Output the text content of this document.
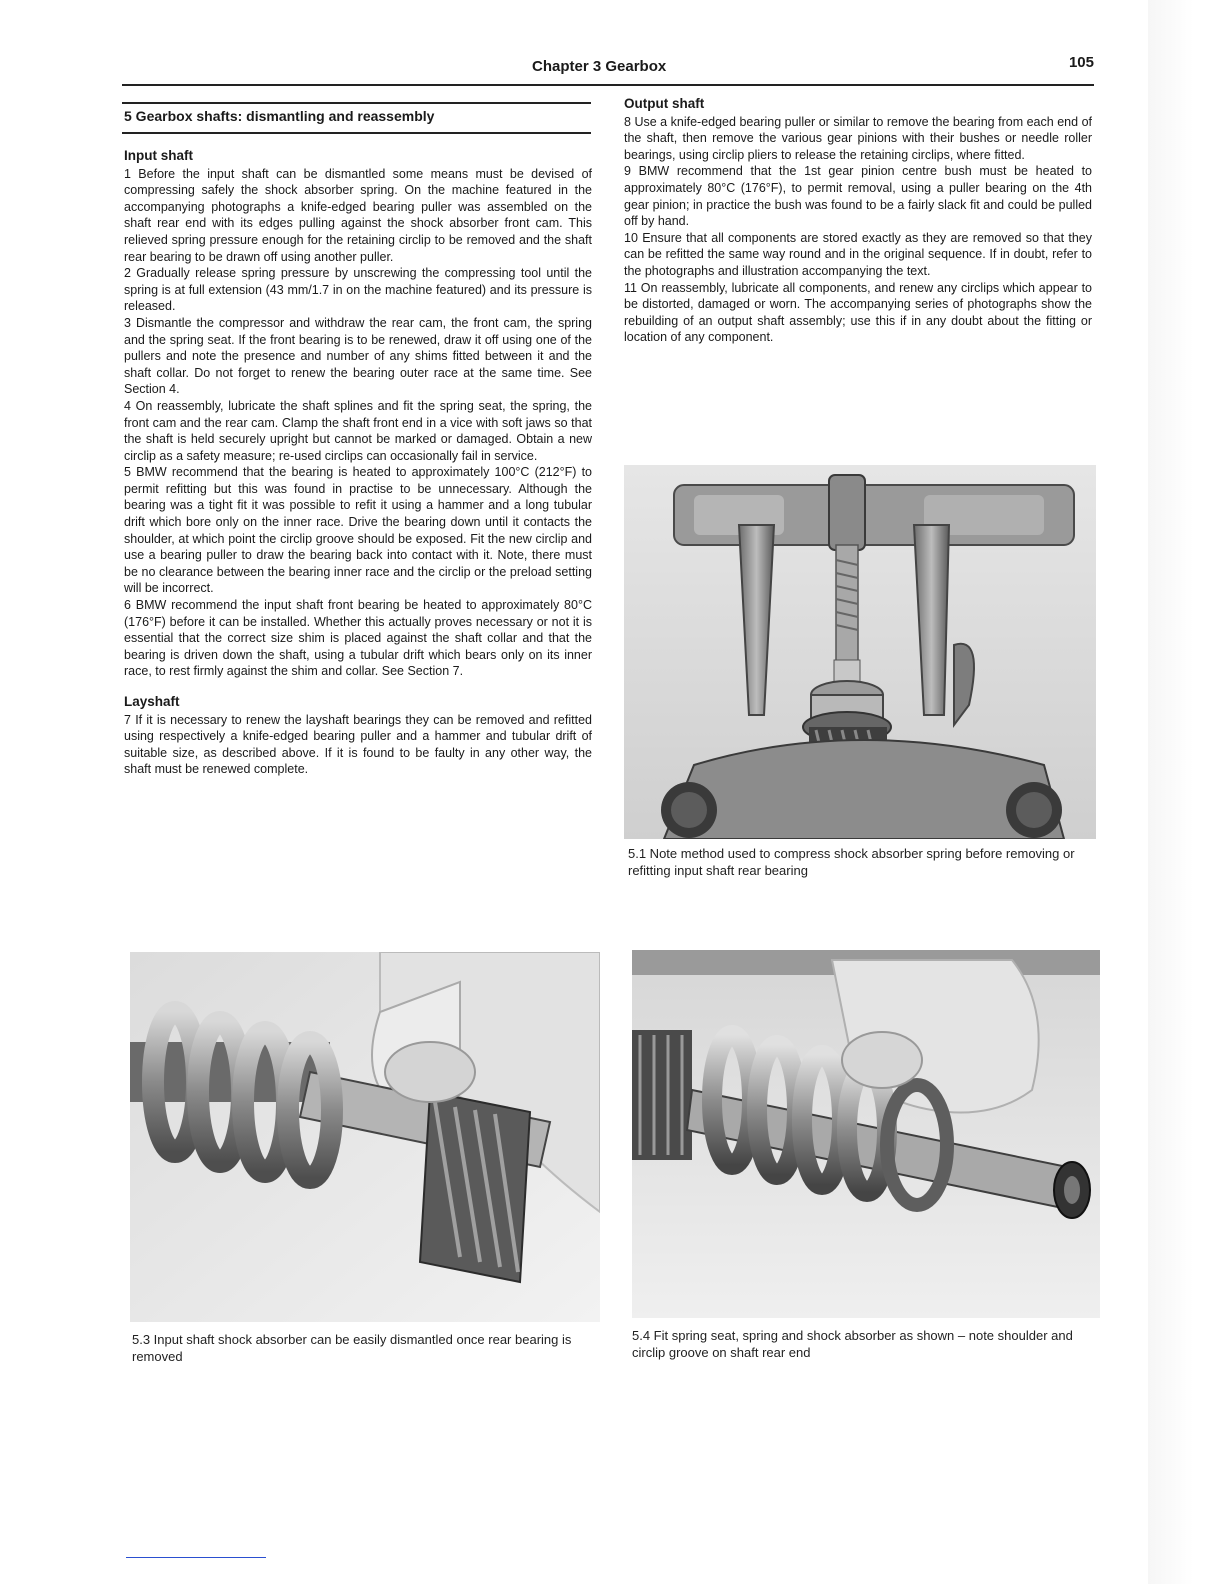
Chapter 3 Gearbox	105
5 Gearbox shafts: dismantling and reassembly
Input shaft

1 Before the input shaft can be dismantled some means must be devised of compressing safely the shock absorber spring. On the machine featured in the accompanying photographs a knife-edged bearing puller was assembled on the shaft rear end with its edges pulling against the shock absorber front cam. This relieved spring pressure enough for the retaining circlip to be removed and the shaft rear bearing to be drawn off using another puller.

2 Gradually release spring pressure by unscrewing the compressing tool until the spring is at full extension (43 mm/1.7 in on the machine featured) and its pressure is released.

3 Dismantle the compressor and withdraw the rear cam, the front cam, the spring and the spring seat. If the front bearing is to be renewed, draw it off using one of the pullers and note the presence and number of any shims fitted between it and the shaft collar. Do not forget to renew the bearing outer race at the same time. See Section 4.

4 On reassembly, lubricate the shaft splines and fit the spring seat, the spring, the front cam and the rear cam. Clamp the shaft front end in a vice with soft jaws so that the shaft is held securely upright but cannot be marked or damaged. Obtain a new circlip as a safety measure; re-used circlips can occasionally fail in service.

5 BMW recommend that the bearing is heated to approximately 100°C (212°F) to permit refitting but this was found in practise to be unnecessary. Although the bearing was a tight fit it was possible to refit it using a hammer and a long tubular drift which bore only on the inner race. Drive the bearing down until it contacts the shoulder, at which point the circlip groove should be exposed. Fit the new circlip and use a bearing puller to draw the bearing back into contact with it. Note, there must be no clearance between the bearing inner race and the circlip or the preload setting will be incorrect.

6 BMW recommend the input shaft front bearing be heated to approximately 80°C (176°F) before it can be installed. Whether this actually proves necessary or not it is essential that the correct size shim is placed against the shaft collar and that the bearing is driven down the shaft, using a tubular drift which bears only on its inner race, to rest firmly against the shim and collar. See Section 7.

Layshaft

7 If it is necessary to renew the layshaft bearings they can be removed and refitted using respectively a knife-edged bearing puller and a hammer and tubular drift of suitable size, as described above. If it is found to be faulty in any other way, the shaft must be renewed complete.

Output shaft

8 Use a knife-edged bearing puller or similar to remove the bearing from each end of the shaft, then remove the various gear pinions with their bushes or needle roller bearings, using circlip pliers to release the retaining circlips, where fitted.

9 BMW recommend that the 1st gear pinion centre bush must be heated to approximately 80°C (176°F), to permit removal, using a puller bearing on the 4th gear pinion; in practice the bush was found to be a fairly slack fit and could be pulled off by hand.

10 Ensure that all components are stored exactly as they are removed so that they can be refitted the same way round and in the original sequence. If in doubt, refer to the photographs and illustration accompanying the text.

11 On reassembly, lubricate all components, and renew any circlips which appear to be distorted, damaged or worn. The accompanying series of photographs show the rebuilding of an output shaft assembly; use this if in any doubt about the fitting or location of any component.

5.1 Note method used to compress shock absorber spring before removing or refitting input shaft rear bearing
5.3 Input shaft shock absorber can be easily dismantled once rear bearing is removed
5.4 Fit spring seat, spring and shock absorber as shown – note shoulder and circlip groove on shaft rear end
